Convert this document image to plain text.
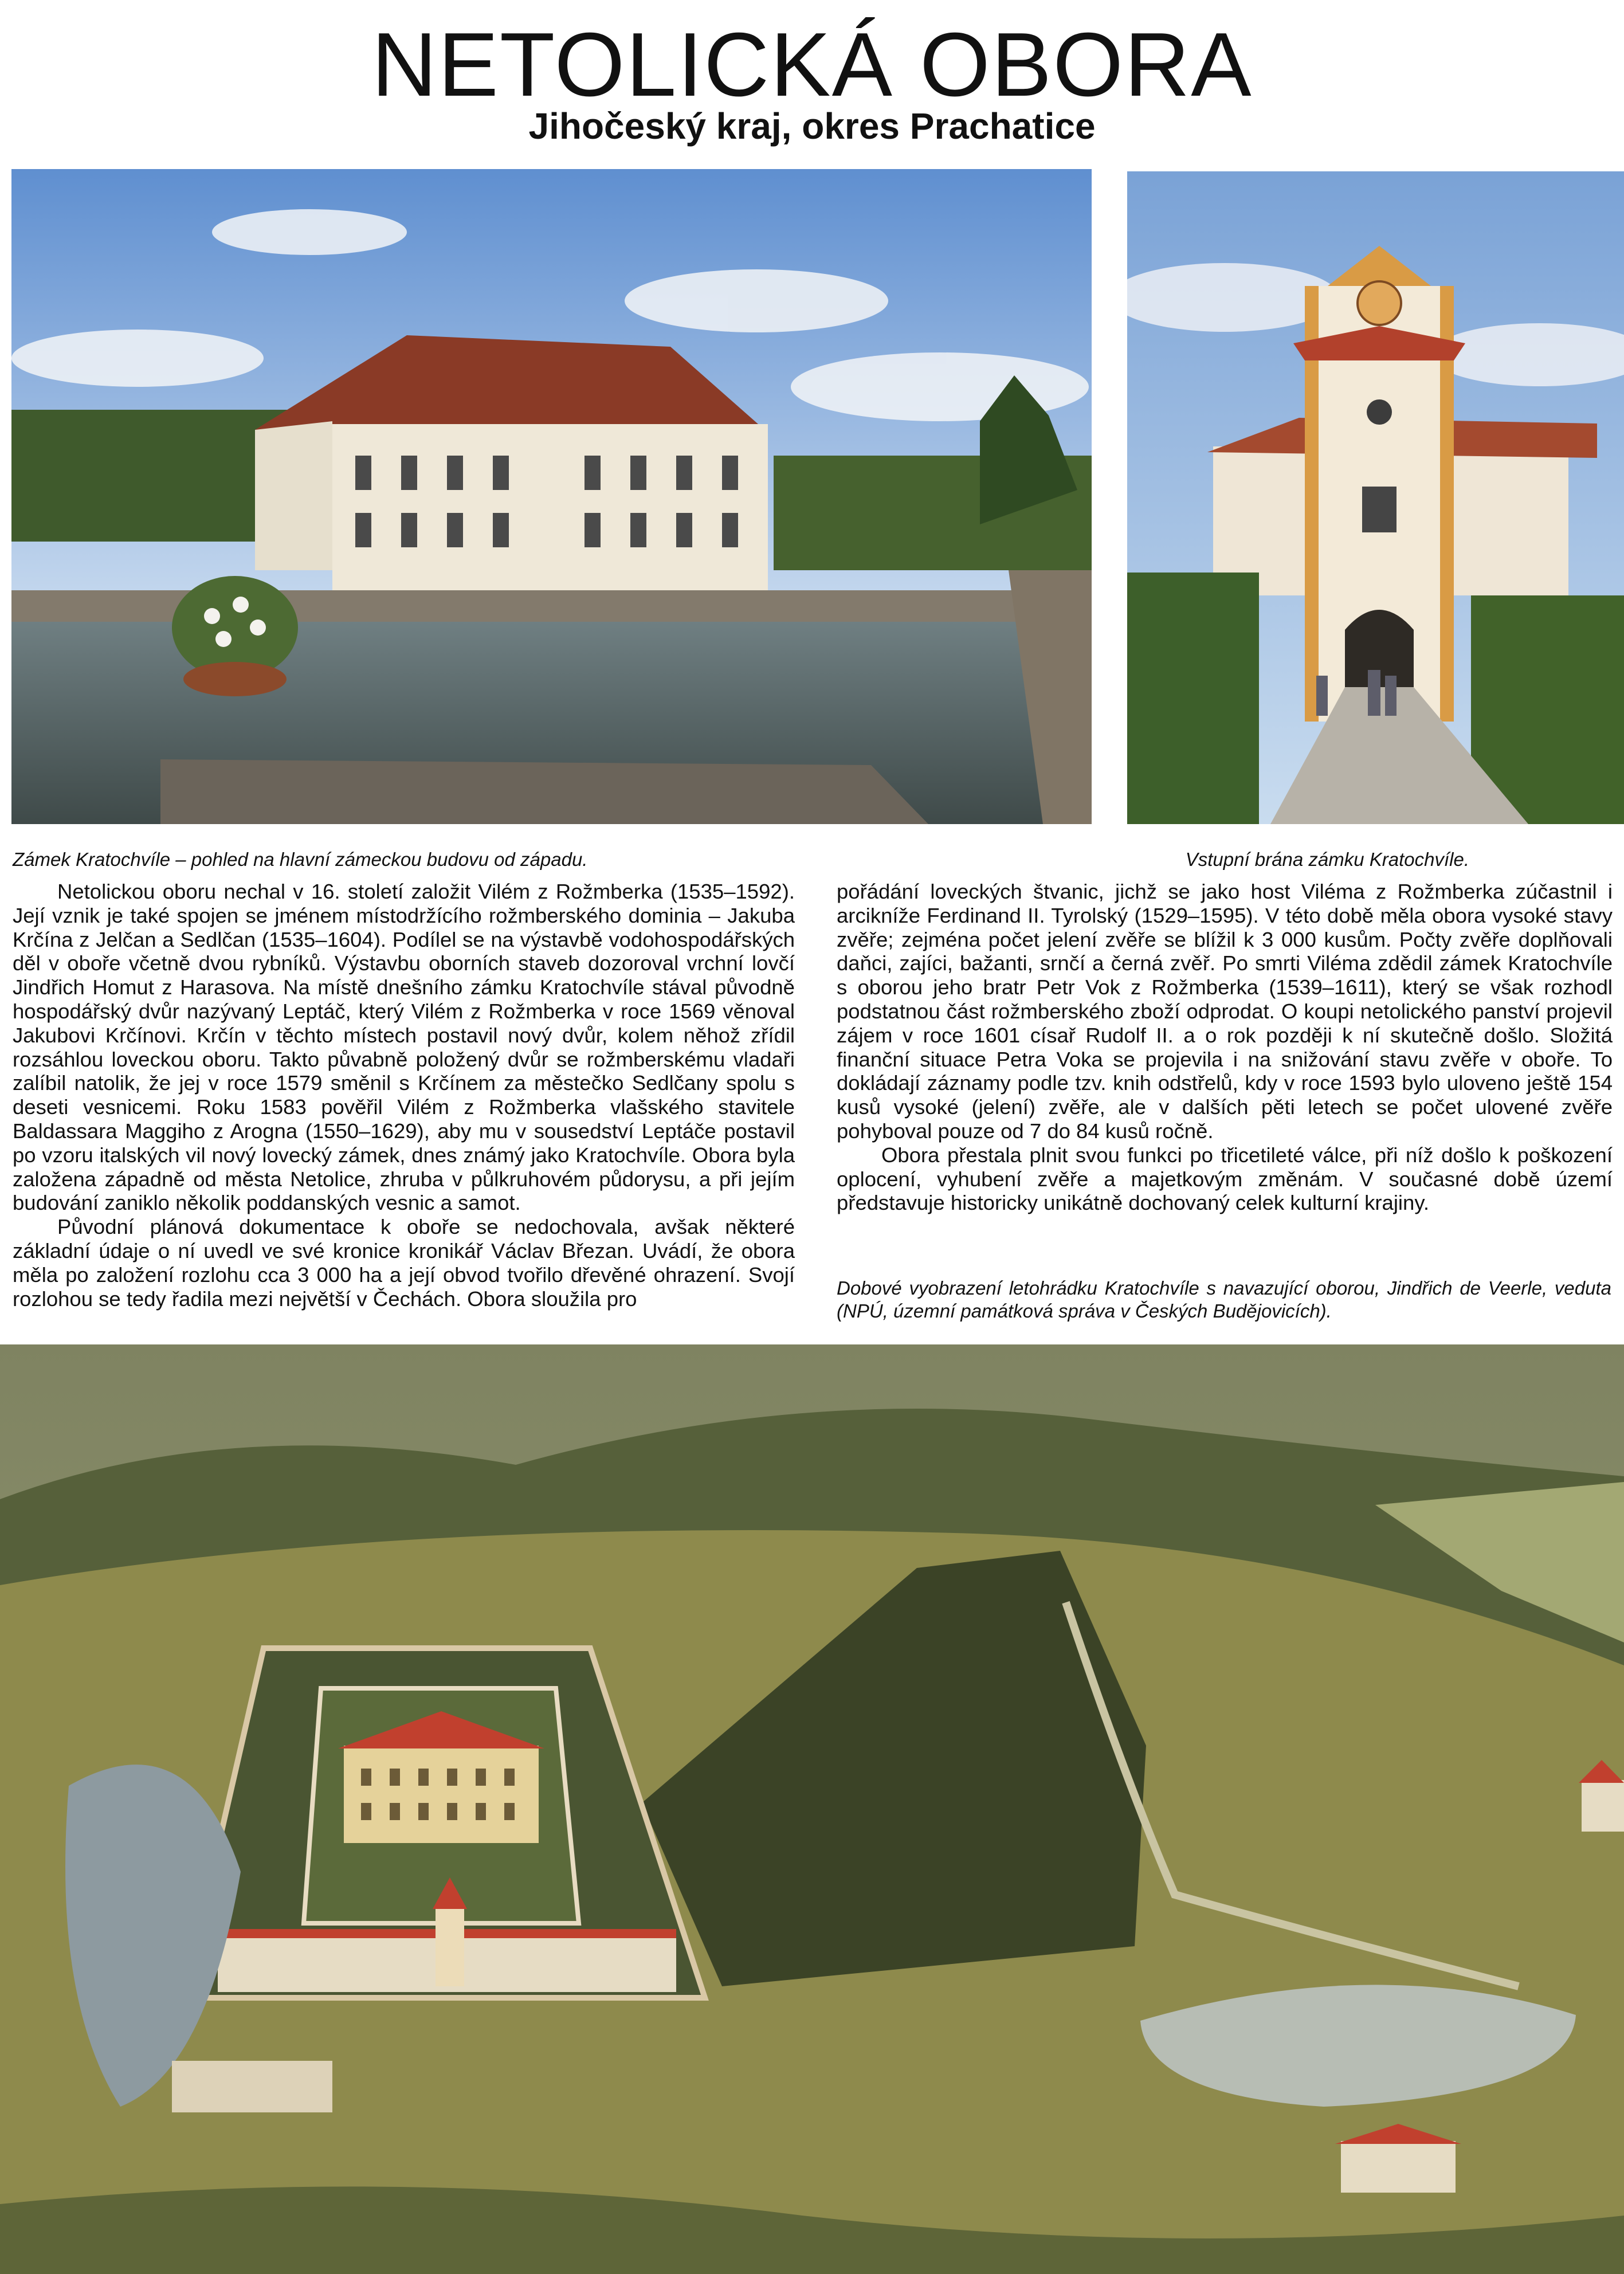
NETOLICKÁ OBORA
Jihočeský kraj, okres Prachatice

Zámek Kratochvíle – pohled na hlavní zámeckou budovu od západu.	Vstupní brána zámku Kratochvíle.

Netolickou oboru nechal v 16. století založit Vilém z Rožmberka (1535–1592). Její vznik je také spojen se jménem místodržícího rožmberského dominia – Jakuba Krčína z Jelčan a Sedlčan (1535–1604). Podílel se na výstavbě vodohospodářských děl v oboře včetně dvou rybníků. Výstavbu oborních staveb dozoroval vrchní lovčí Jindřich Homut z Harasova. Na místě dnešního zámku Kratochvíle stával původně hospodářský dvůr nazývaný Leptáč, který Vilém z Rožmberka v roce 1569 věnoval Jakubovi Krčínovi. Krčín v těchto místech postavil nový dvůr, kolem něhož zřídil rozsáhlou loveckou oboru. Takto půvabně položený dvůr se rožmberskému vladaři zalíbil natolik, že jej v roce 1579 směnil s Krčínem za městečko Sedlčany spolu s deseti vesnicemi. Roku 1583 pověřil Vilém z Rožmberka vlašského stavitele Baldassara Maggiho z Arogna (1550–1629), aby mu v sousedství Leptáče postavil po vzoru italských vil nový lovecký zámek, dnes známý jako Kratochvíle. Obora byla založena západně od města Netolice, zhruba v půlkruhovém půdorysu, a při jejím budování zaniklo několik poddanských vesnic a samot.

Původní plánová dokumentace k oboře se nedochovala, avšak některé základní údaje o ní uvedl ve své kronice kronikář Václav Březan. Uvádí, že obora měla po založení rozlohu cca 3 000 ha a její obvod tvořilo dřevěné ohrazení. Svojí rozlohou se tedy řadila mezi největší v Čechách. Obora sloužila pro

pořádání loveckých štvanic, jichž se jako host Viléma z Rožmberka zúčastnil i arcikníže Ferdinand II. Tyrolský (1529–1595). V této době měla obora vysoké stavy zvěře; zejména počet jelení zvěře se blížil k 3 000 kusům. Počty zvěře doplňovali daňci, zajíci, bažanti, srnčí a černá zvěř. Po smrti Viléma zdědil zámek Kratochvíle s oborou jeho bratr Petr Vok z Rožmberka (1539–1611), který se však rozhodl podstatnou část rožmberského zboží odprodat. O koupi netolického panství projevil zájem v roce 1601 císař Rudolf II. a o rok později k ní skutečně došlo. Složitá finanční situace Petra Voka se projevila i na snižování stavu zvěře v oboře. To dokládají záznamy podle tzv. knih odstřelů, kdy v roce 1593 bylo uloveno ještě 154 kusů vysoké (jelení) zvěře, ale v dalších pěti letech se počet ulovené zvěře pohyboval pouze od 7 do 84 kusů ročně.

Obora přestala plnit svou funkci po třicetileté válce, při níž došlo k poškození oplocení, vyhubení zvěře a majetkovým změnám. V současné době území představuje historicky unikátně dochovaný celek kulturní krajiny.

Dobové vyobrazení letohrádku Kratochvíle s navazující oborou, Jindřich de Veerle, veduta (NPÚ, územní památková správa v Českých Budějovicích).
